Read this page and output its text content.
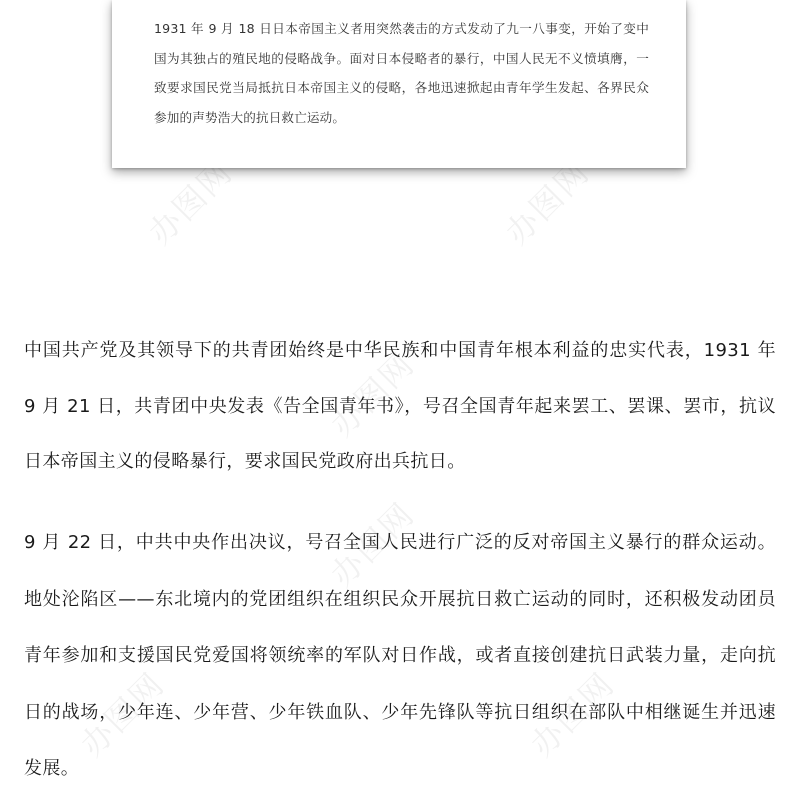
办图网	办图网
办图网
办图网
办图网	办图网

1931 年 9 月 18 日日本帝国主义者用突然袭击的方式发动了九一八事变，开始了变中国为其独占的殖民地的侵略战争。面对日本侵略者的暴行，中国人民无不义愤填膺，一致要求国民党当局抵抗日本帝国主义的侵略，各地迅速掀起由青年学生发起、各界民众参加的声势浩大的抗日救亡运动。

中国共产党及其领导下的共青团始终是中华民族和中国青年根本利益的忠实代表，1931 年 9 月 21 日，共青团中央发表《告全国青年书》，号召全国青年起来罢工、罢课、罢市，抗议日本帝国主义的侵略暴行，要求国民党政府出兵抗日。

9 月 22 日，中共中央作出决议，号召全国人民进行广泛的反对帝国主义暴行的群众运动。地处沦陷区——东北境内的党团组织在组织民众开展抗日救亡运动的同时，还积极发动团员青年参加和支援国民党爱国将领统率的军队对日作战，或者直接创建抗日武装力量，走向抗日的战场，少年连、少年营、少年铁血队、少年先锋队等抗日组织在部队中相继诞生并迅速发展。
